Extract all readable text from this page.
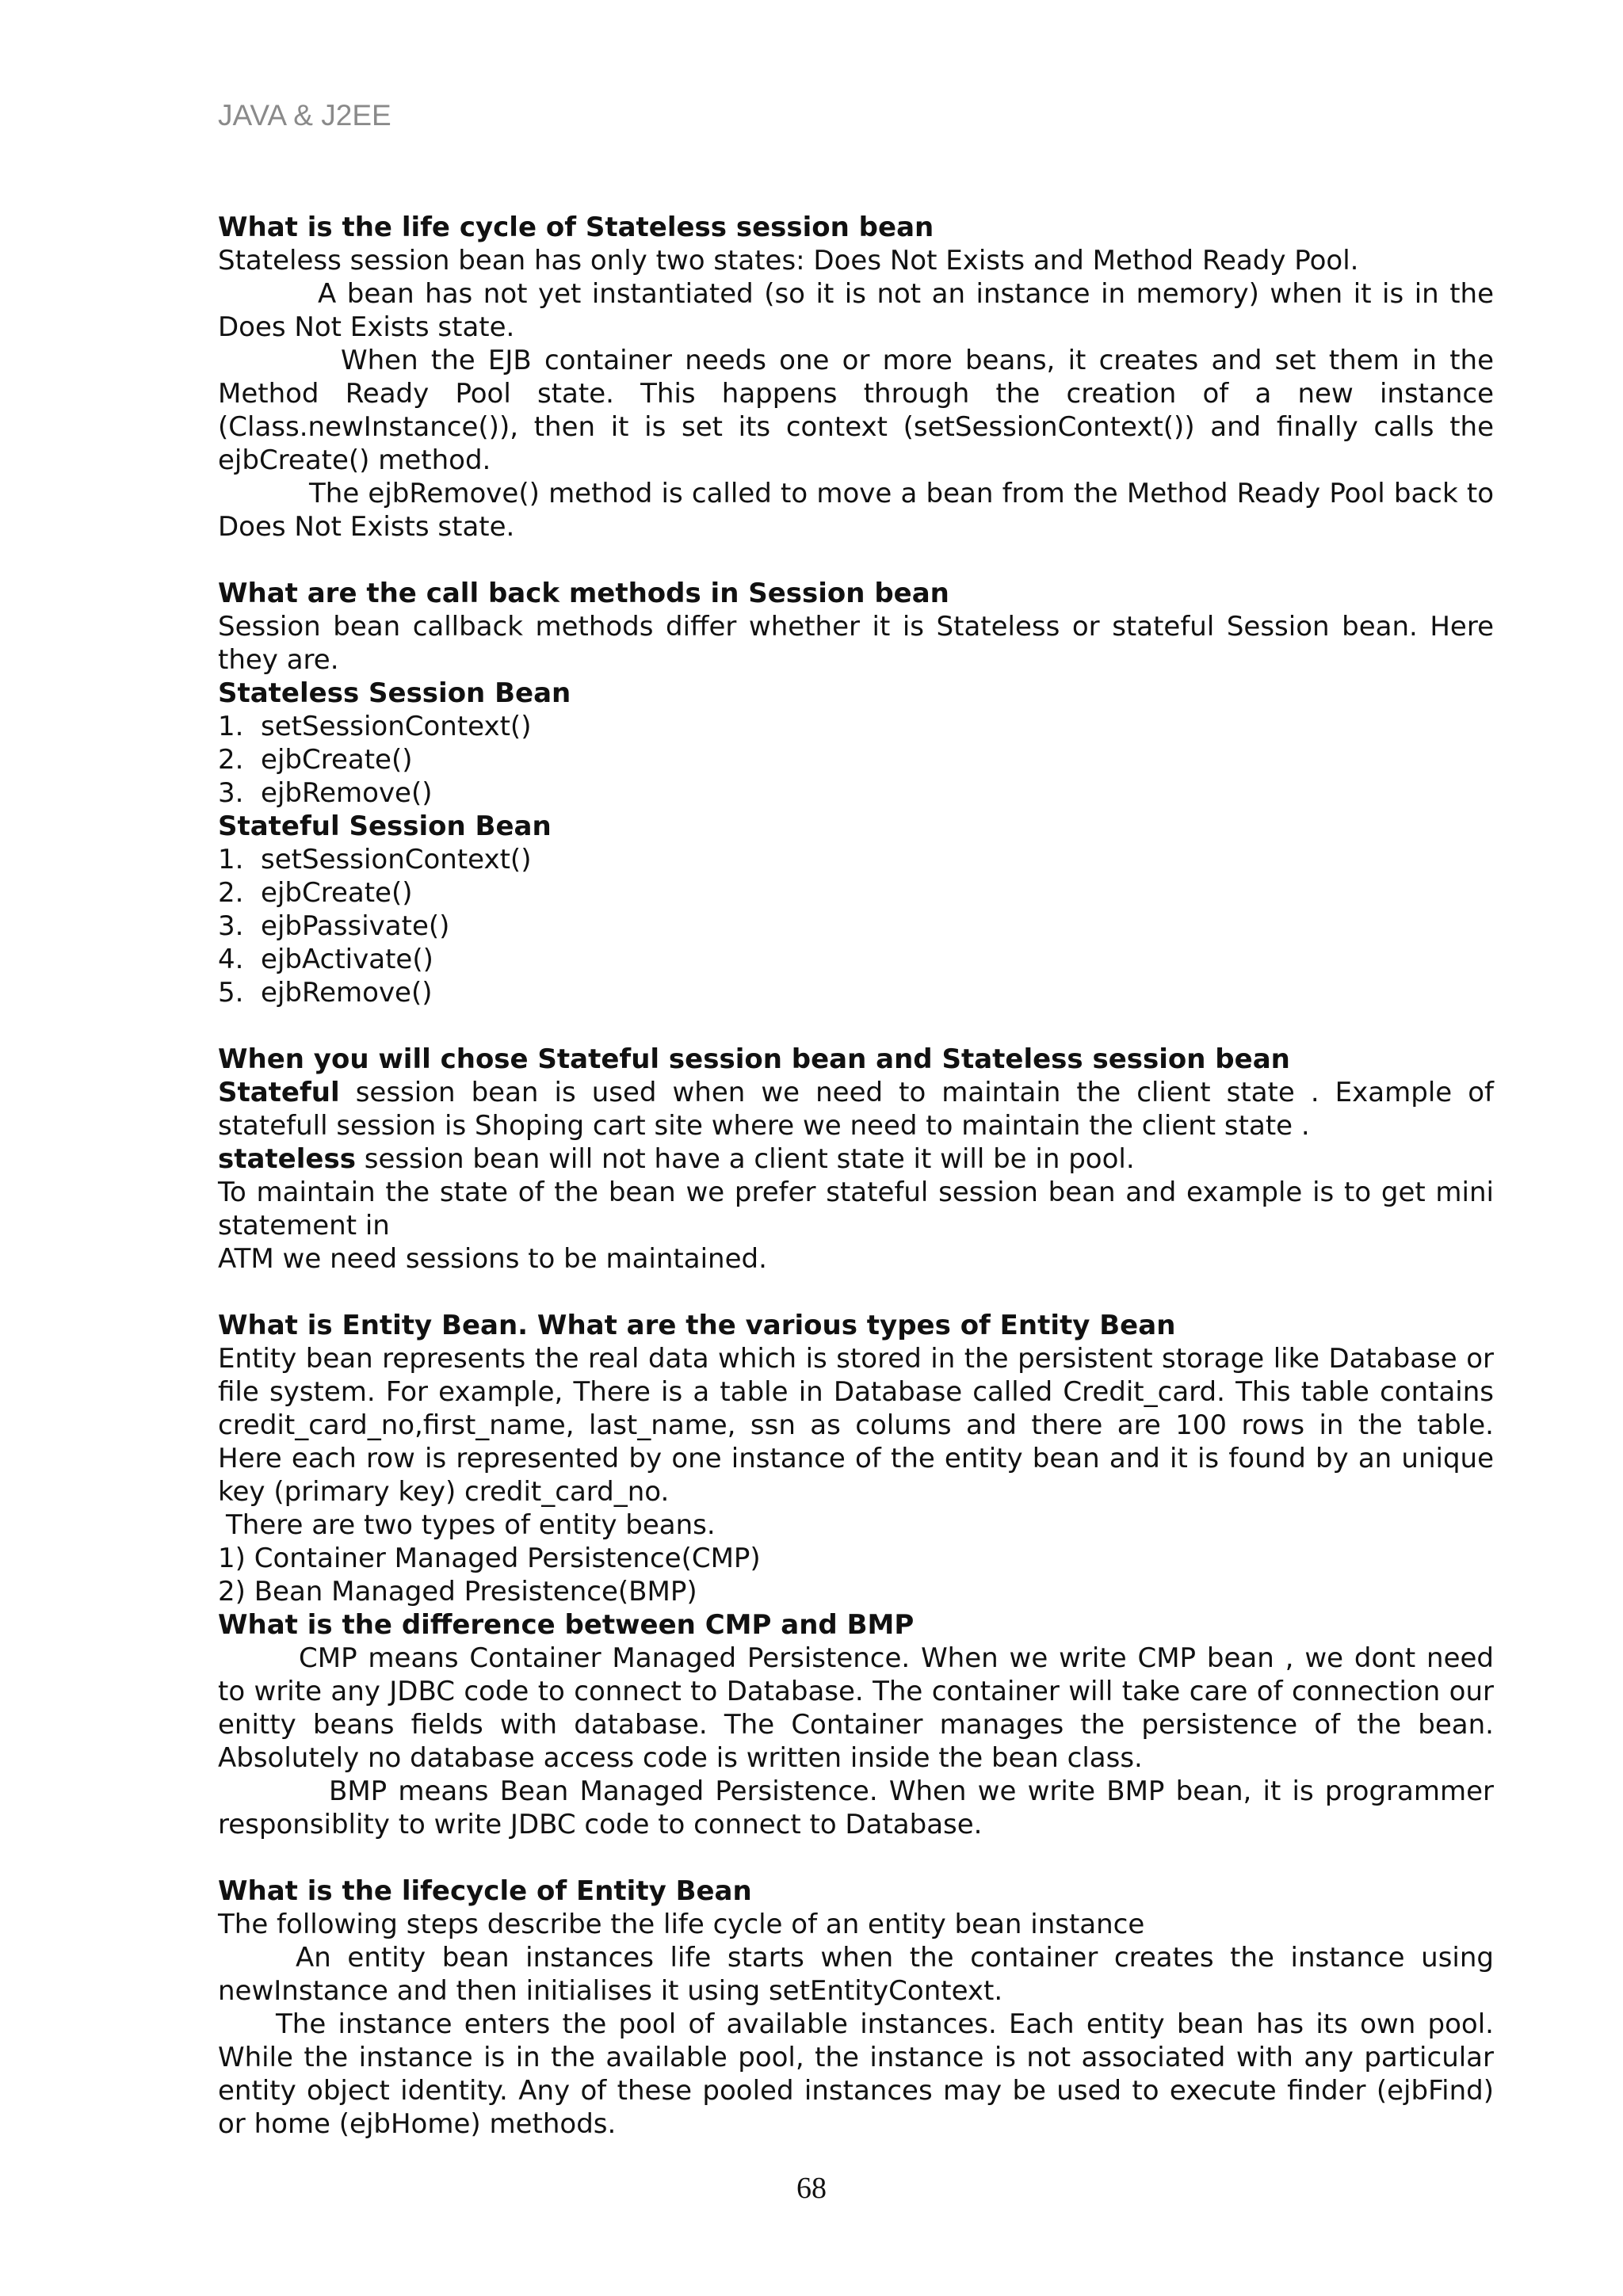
JAVA & J2EE

What is the life cycle of Stateless session bean

Stateless session bean has only two states: Does Not Exists and Method Ready Pool.

A bean has not yet instantiated (so it is not an instance in memory) when it is in the Does Not Exists state.

When the EJB container needs one or more beans, it creates and set them in the Method Ready Pool state. This happens through the creation of a new instance (Class.newInstance()), then it is set its context (setSessionContext()) and finally calls the ejbCreate() method.

The ejbRemove() method is called to move a bean from the Method Ready Pool back to Does Not Exists state.

What are the call back methods in Session bean

Session bean callback methods differ whether it is Stateless or stateful Session bean. Here they are.

Stateless Session Bean

1.  setSessionContext()
2.  ejbCreate()
3.  ejbRemove()

Stateful Session Bean

1.  setSessionContext()
2.  ejbCreate()
3.  ejbPassivate()
4.  ejbActivate()
5.  ejbRemove()

When you will chose Stateful session bean and Stateless session bean

Stateful session bean is used when we need to maintain the client state . Example of statefull session is Shoping cart site where we need to maintain the client state .

stateless session bean will not have a client state it will be in pool.

To maintain the state of the bean we prefer stateful session bean and example is to get mini statement in

ATM we need sessions to be maintained.

What is Entity Bean. What are the various types of Entity Bean

Entity bean represents the real data which is stored in the persistent storage like Database or file system. For example, There is a table in Database called Credit_card. This table contains credit_card_no,first_name, last_name, ssn as colums and there are 100 rows in the table. Here each row is represented by one instance of the entity bean and it is found by an unique key (primary key) credit_card_no.

There are two types of entity beans.

1) Container Managed Persistence(CMP)

2) Bean Managed Presistence(BMP)

What is the difference between CMP and BMP

CMP means Container Managed Persistence. When we write CMP bean , we dont need to write any JDBC code to connect to Database. The container will take care of connection our enitty beans fields with database. The Container manages the persistence of the bean. Absolutely no database access code is written inside the bean class.

BMP means Bean Managed Persistence. When we write BMP bean, it is programmer responsiblity to write JDBC code to connect to Database.

What is the lifecycle of Entity Bean

The following steps describe the life cycle of an entity bean instance

An entity bean instances life starts when the container creates the instance using newInstance and then initialises it using setEntityContext.

The instance enters the pool of available instances. Each entity bean has its own pool. While the instance is in the available pool, the instance is not associated with any particular entity object identity. Any of these pooled instances may be used to execute finder (ejbFind) or home (ejbHome) methods.

68
